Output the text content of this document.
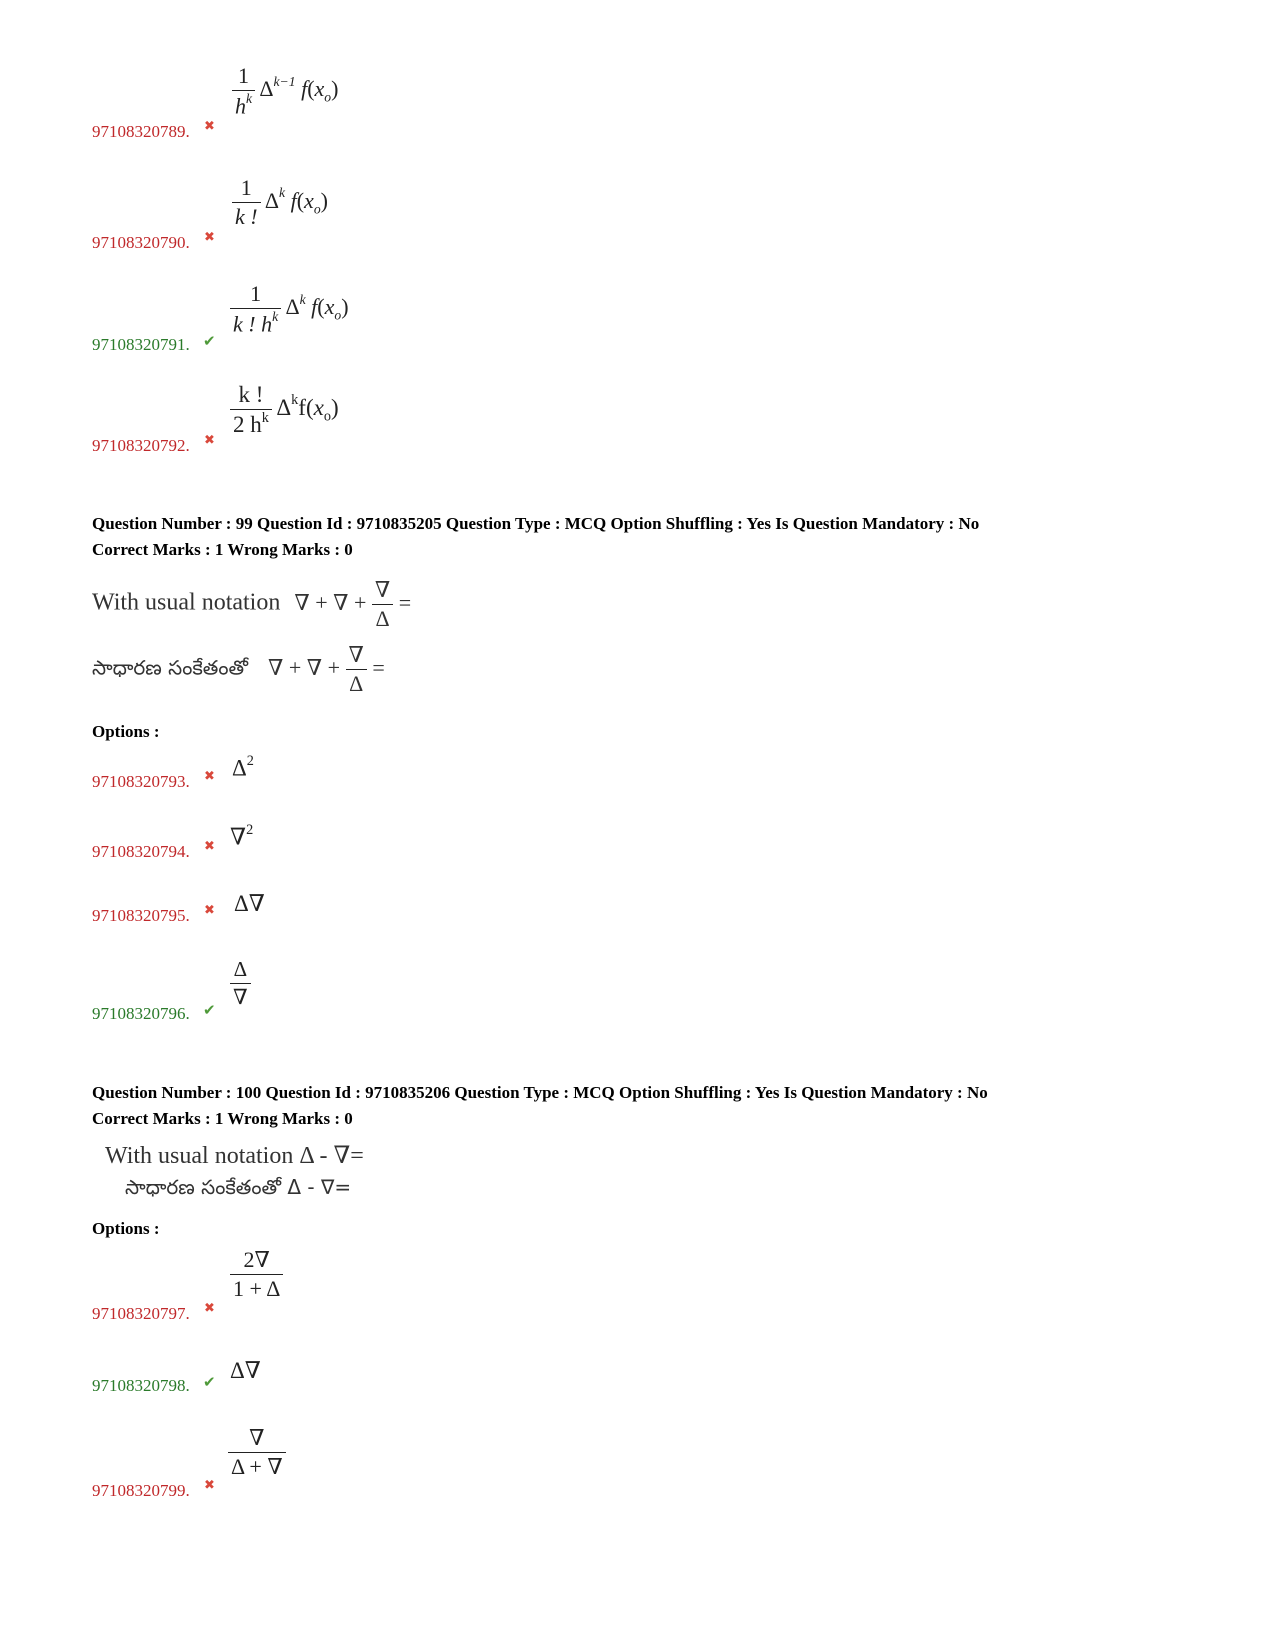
97108320789. ✖
$\frac{1}{h^k} \Delta^{k-1}$ $f(x_o)$
97108320790. ✖
$\frac{1}{k !} \Delta^k$ $f(x_o)$
97108320791. ✔
$\frac{1}{k ! h^k} \Delta^k$ $f(x_o)$
97108320792. ✖
$\frac{k !}{2 h^k} \Delta^kf(x_o)$
Question Number : 99 Question Id : 9710835205 Question Type : MCQ Option Shuffling : Yes Is Question Mandatory : No
Correct Marks : 1 Wrong Marks : 0
With usual notation ∇ + ∇ + $\frac{\nabla}{\Delta}$ =
సాధారణ సంకేతంతో ∇ + ∇ + $\frac{\nabla}{\Delta}$ =
Options :
97108320793. ✖ $\Delta^2$
97108320794. ✖ ∇$^2$
97108320795. ✖ Δ∇
97108320796. ✔
$\frac{\Delta}{\nabla}$
Question Number : 100 Question Id : 9710835206 Question Type : MCQ Option Shuffling : Yes Is Question Mandatory : No
Correct Marks : 1 Wrong Marks : 0
With usual notation Δ - ∇=
సాధారణ సంకేతంతో Δ - ∇=
Options :
97108320797. ✖
$\frac{2\nabla}{1 + \Delta}$
97108320798. ✔ Δ∇
97108320799. ✖
$\frac{\nabla}{\Delta + \nabla}$
